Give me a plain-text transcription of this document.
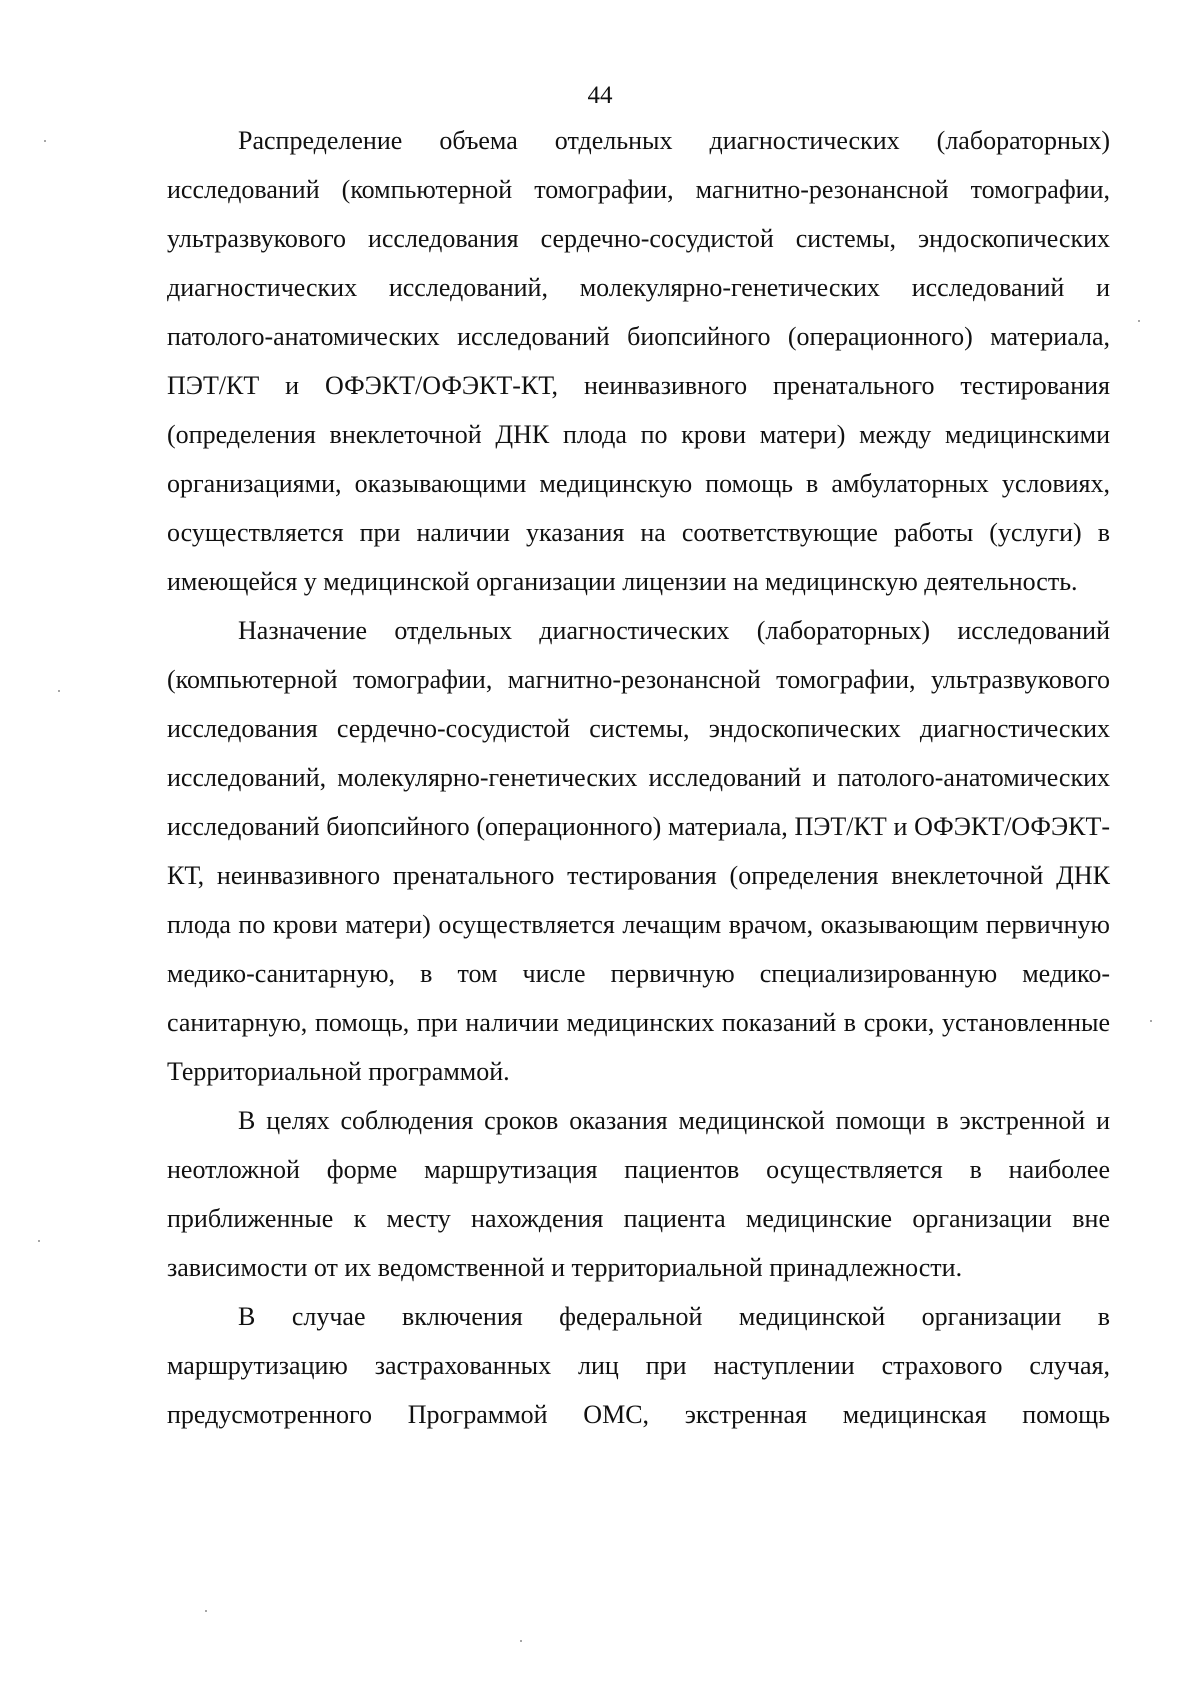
44

Распределение объема отдельных диагностических (лабораторных) исследований (компьютерной томографии, магнитно-резонансной томографии, ультразвукового исследования сердечно-сосудистой системы, эндоскопических диагностических исследований, молекулярно-генетических исследований и патолого-анатомических исследований биопсийного (операционного) материала, ПЭТ/КТ и ОФЭКТ/ОФЭКТ-КТ, неинвазивного пренатального тестирования (определения внеклеточной ДНК плода по крови матери) между медицинскими организациями, оказывающими медицинскую помощь в амбулаторных условиях, осуществляется при наличии указания на соответствующие работы (услуги) в имеющейся у медицинской организации лицензии на медицинскую деятельность.

Назначение отдельных диагностических (лабораторных) исследований (компьютерной томографии, магнитно-резонансной томографии, ультразвукового исследования сердечно-сосудистой системы, эндоскопических диагностических исследований, молекулярно-генетических исследований и патолого-анатомических исследований биопсийного (операционного) материала, ПЭТ/КТ и ОФЭКТ/ОФЭКТ-КТ, неинвазивного пренатального тестирования (определения внеклеточной ДНК плода по крови матери) осуществляется лечащим врачом, оказывающим первичную медико-санитарную, в том числе первичную специализированную медико-санитарную, помощь, при наличии медицинских показаний в сроки, установленные Территориальной программой.

В целях соблюдения сроков оказания медицинской помощи в экстренной и неотложной форме маршрутизация пациентов осуществляется в наиболее приближенные к месту нахождения пациента медицинские организации вне зависимости от их ведомственной и территориальной принадлежности.

В случае включения федеральной медицинской организации в маршрутизацию застрахованных лиц при наступлении страхового случая, предусмотренного Программой ОМС, экстренная медицинская помощь
